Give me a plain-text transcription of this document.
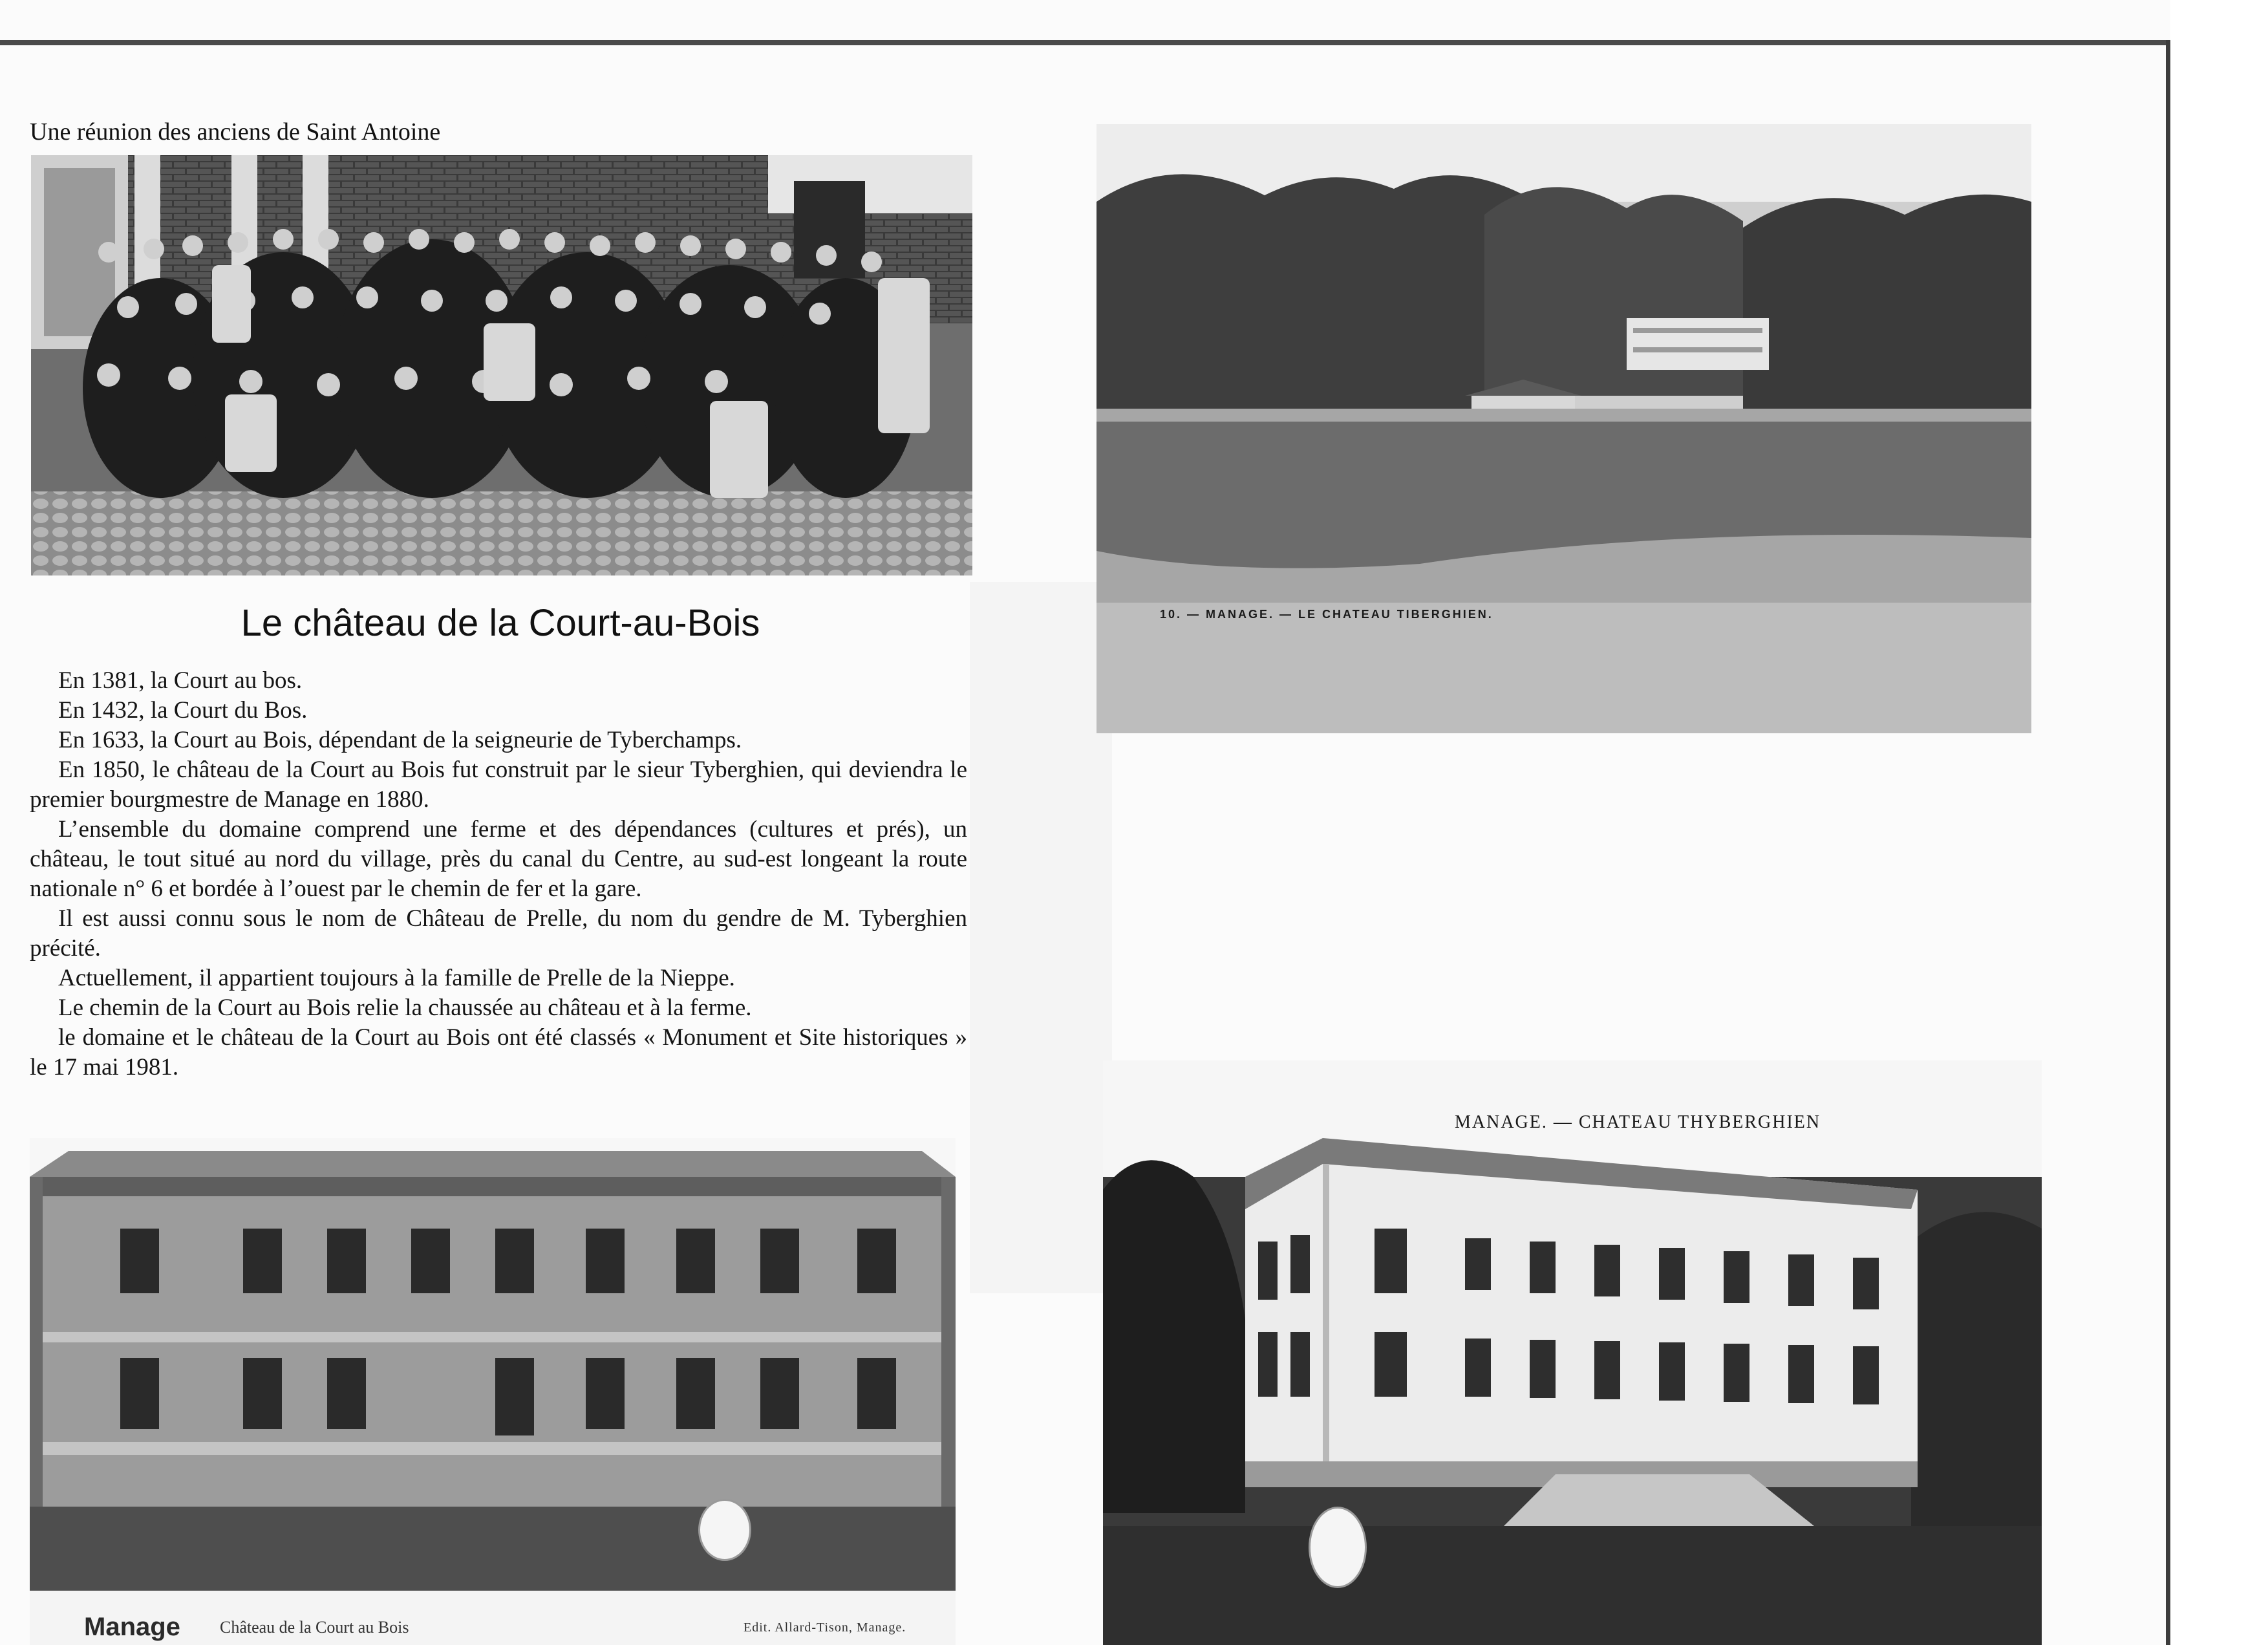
Une réunion des anciens de Saint Antoine
Le château de la Court-au-Bois

En 1381, la Court au bos.

En 1432, la Court du Bos.

En 1633, la Court au Bois, dépendant de la seigneurie de Tyberchamps.

En 1850, le château de la Court au Bois fut construit par le sieur Tyberghien, qui deviendra le premier bourgmestre de Manage en 1880.

L’ensemble du domaine comprend une ferme et des dépendances (cultures et prés), un château, le tout situé au nord du village, près du canal du Centre, au sud-est longeant la route nationale n° 6 et bordée à l’ouest par le chemin de fer et la gare.

Il est aussi connu sous le nom de Château de Prelle, du nom du gendre de M. Tyberghien précité.

Actuellement, il appartient toujours à la famille de Prelle de la Nieppe.

Le chemin de la Court au Bois relie la chaussée au château et à la ferme.

le domaine et le château de la Court au Bois ont été classés « Monument et Site historiques » le 17 mai 1981.

10. — MANAGE. — LE CHATEAU TIBERGHIEN.
Manage Château de la Court au Bois	Edit. Allard-Tison, Manage.
MANAGE. — CHATEAU THYBERGHIEN
